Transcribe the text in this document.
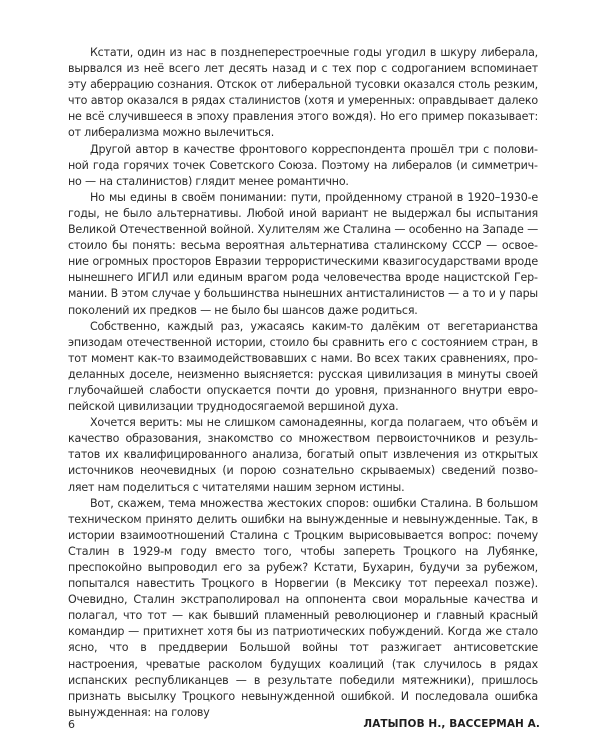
Кстати, один из нас в позднеперестроечные годы угодил в шкуру либерала, вырвался из неё всего лет десять назад и с тех пор с содроганием вспоминает эту аберрацию сознания. Отскок от либеральной тусовки оказался столь резким, что автор оказался в рядах сталинистов (хотя и умеренных: оправдывает далеко не всё случившееся в эпоху правления этого вождя). Но его пример показывает: от либерализма можно вылечиться.

Другой автор в качестве фронтового корреспондента прошёл три с половиной года горячих точек Советского Союза. Поэтому на либералов (и симметрично — на сталинистов) глядит менее романтично.

Но мы едины в своём понимании: пути, пройденному страной в 1920–1930-е годы, не было альтернативы. Любой иной вариант не выдержал бы испытания Великой Отечественной войной. Хулителям же Сталина — особенно на Западе — стоило бы понять: весьма вероятная альтернатива сталинскому СССР — освоение огромных просторов Евразии террористическими квазигосударствами вроде нынешнего ИГИЛ или единым врагом рода человечества вроде нацистской Германии. В этом случае у большинства нынешних антисталинистов — а то и у пары поколений их предков — не было бы шансов даже родиться.

Собственно, каждый раз, ужасаясь каким-то далёким от вегетарианства эпизодам отечественной истории, стоило бы сравнить его с состоянием стран, в тот момент как-то взаимодействовавших с нами. Во всех таких сравнениях, проделанных доселе, неизменно выясняется: русская цивилизация в минуты своей глубочайшей слабости опускается почти до уровня, признанного внутри европейской цивилизации труднодосягаемой вершиной духа.

Хочется верить: мы не слишком самонадеянны, когда полагаем, что объём и качество образования, знакомство со множеством первоисточников и результатов их квалифицированного анализа, богатый опыт извлечения из открытых источников неочевидных (и порою сознательно скрываемых) сведений позволяет нам поделиться с читателями нашим зерном истины.

Вот, скажем, тема множества жестоких споров: ошибки Сталина. В большом техническом принято делить ошибки на вынужденные и невынужденные. Так, в истории взаимоотношений Сталина с Троцким вырисовывается вопрос: почему Сталин в 1929-м году вместо того, чтобы запереть Троцкого на Лубянке, преспокойно выпроводил его за рубеж? Кстати, Бухарин, будучи за рубежом, попытался навестить Троцкого в Норвегии (в Мексику тот переехал позже). Очевидно, Сталин экстраполировал на оппонента свои моральные качества и полагал, что тот — как бывший пламенный революционер и главный красный командир — притихнет хотя бы из патриотических побуждений. Когда же стало ясно, что в преддверии Большой войны тот разжигает антисоветские настроения, чреватые расколом будущих коалиций (так случилось в рядах испанских республиканцев — в результате победили мятежники), пришлось признать высылку Троцкого невынужденной ошибкой. И последовала ошибка вынужденная: на голову

6	ЛАТЫПОВ Н., ВАССЕРМАН А.
